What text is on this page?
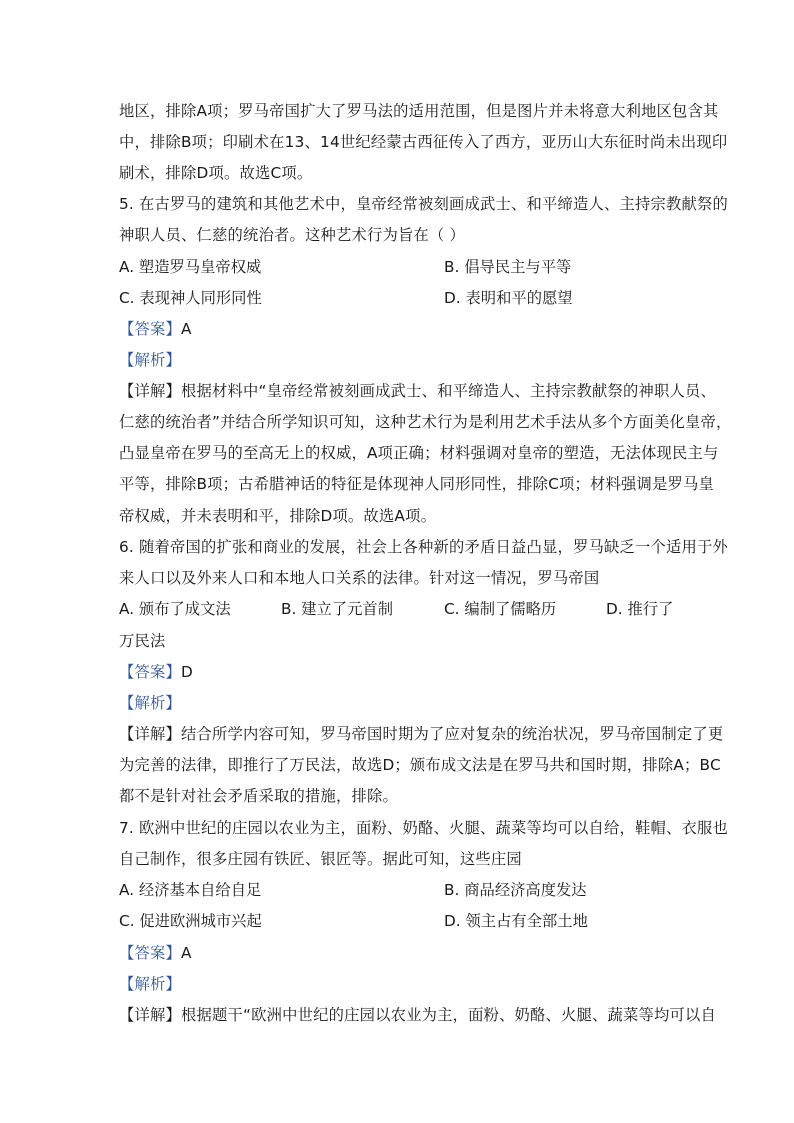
地区，排除A项；罗马帝国扩大了罗马法的适用范围，但是图片并未将意大利地区包含其
中，排除B项；印刷术在13、14世纪经蒙古西征传入了西方，亚历山大东征时尚未出现印
刷术，排除D项。故选C项。
5. 在古罗马的建筑和其他艺术中，皇帝经常被刻画成武士、和平缔造人、主持宗教献祭的
神职人员、仁慈的统治者。这种艺术行为旨在（ ）
A. 塑造罗马皇帝权威	B. 倡导民主与平等
C. 表现神人同形同性	D. 表明和平的愿望
【答案】A
【解析】
【详解】根据材料中“皇帝经常被刻画成武士、和平缔造人、主持宗教献祭的神职人员、
仁慈的统治者”并结合所学知识可知，这种艺术行为是利用艺术手法从多个方面美化皇帝，
凸显皇帝在罗马的至高无上的权威，A项正确；材料强调对皇帝的塑造，无法体现民主与
平等，排除B项；古希腊神话的特征是体现神人同形同性，排除C项；材料强调是罗马皇
帝权威，并未表明和平，排除D项。故选A项。
6. 随着帝国的扩张和商业的发展，社会上各种新的矛盾日益凸显，罗马缺乏一个适用于外
来人口以及外来人口和本地人口关系的法律。针对这一情况，罗马帝国
A. 颁布了成文法	B. 建立了元首制	C. 编制了儒略历	D. 推行了
万民法
【答案】D
【解析】
【详解】结合所学内容可知，罗马帝国时期为了应对复杂的统治状况，罗马帝国制定了更
为完善的法律，即推行了万民法，故选D；颁布成文法是在罗马共和国时期，排除A；BC
都不是针对社会矛盾采取的措施，排除。
7. 欧洲中世纪的庄园以农业为主，面粉、奶酪、火腿、蔬菜等均可以自给，鞋帽、衣服也
自己制作，很多庄园有铁匠、银匠等。据此可知，这些庄园
A. 经济基本自给自足	B. 商品经济高度发达
C. 促进欧洲城市兴起	D. 领主占有全部土地
【答案】A
【解析】
【详解】根据题干“欧洲中世纪的庄园以农业为主，面粉、奶酪、火腿、蔬菜等均可以自
